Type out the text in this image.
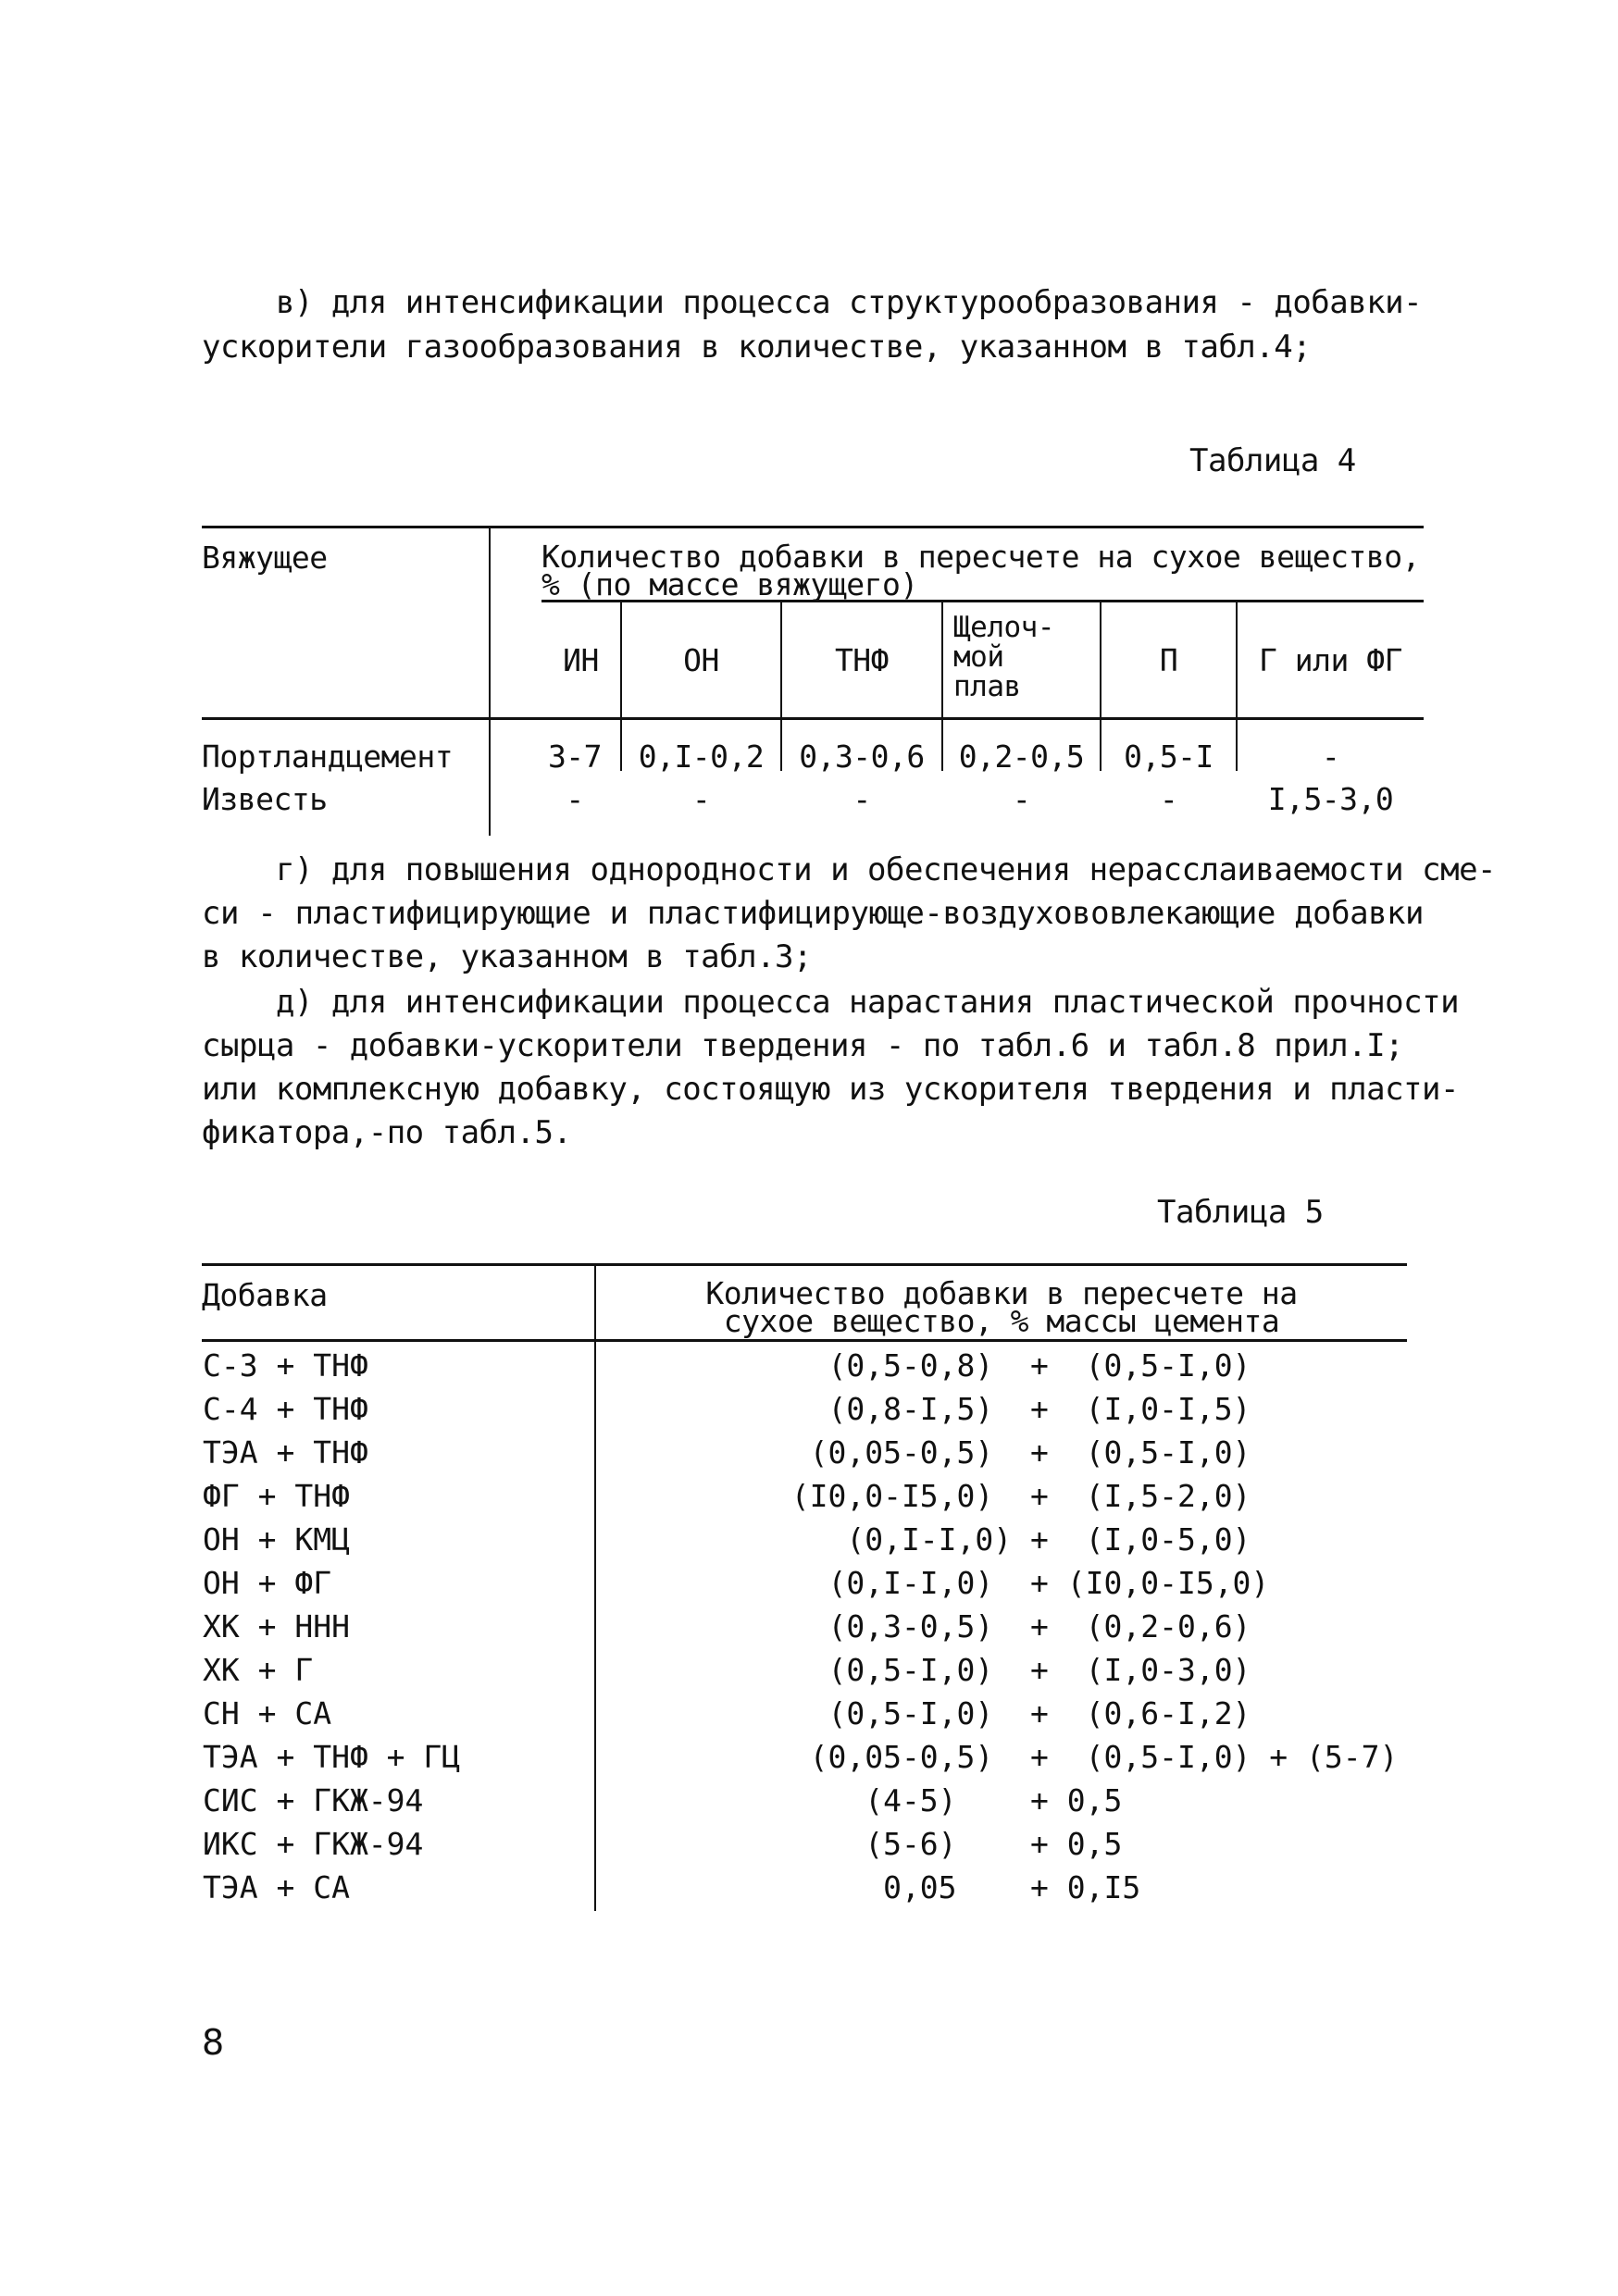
в) для интенсификации процесса структурообразования - добавки-
ускорители газообразования в количестве, указанном в табл.4;
Таблица 4
Вяжущее	Количество добавки в пересчете на сухое вещество,
% (по массе вяжущего)
ИН	ОН	ТНФ
Щелоч-
мой
плав
П	Г или ФГ
Портландцемент	3-7	0,I-0,2	0,3-0,6	0,2-0,5	0,5-I	-
Известь	-	-	-	-	-	I,5-3,0
г) для повышения однородности и обеспечения нерасслаиваемости сме-
си - пластифицирующие и пластифицирующе-воздухововлекающие добавки
в количестве, указанном в табл.3;
д) для интенсификации процесса нарастания пластической прочности
сырца - добавки-ускорители твердения - по табл.6 и табл.8 прил.I;
или комплексную добавку, состоящую из ускорителя твердения и пласти-
фикатора,-по табл.5.
Таблица 5
Добавка	Количество добавки в пересчете на
сухое вещество, % массы цемента
С-3 + ТНФ	(0,5-0,8)  +  (0,5-I,0)
С-4 + ТНФ	(0,8-I,5)  +  (I,0-I,5)
ТЭА + ТНФ	(0,05-0,5)  +  (0,5-I,0)
ФГ + ТНФ	(I0,0-I5,0)  +  (I,5-2,0)
ОН + КМЦ	(0,I-I,0) +  (I,0-5,0)
ОН + ФГ	(0,I-I,0)  + (I0,0-I5,0)
ХК + ННН	(0,3-0,5)  +  (0,2-0,6)
ХК + Г	(0,5-I,0)  +  (I,0-3,0)
СН + СА	(0,5-I,0)  +  (0,6-I,2)
ТЭА + ТНФ + ГЦ	(0,05-0,5)  +  (0,5-I,0) + (5-7)
СИС + ГКЖ-94	(4-5)    + 0,5
ИКС + ГКЖ-94	(5-6)    + 0,5
ТЭА + СА	0,05    + 0,I5
8
